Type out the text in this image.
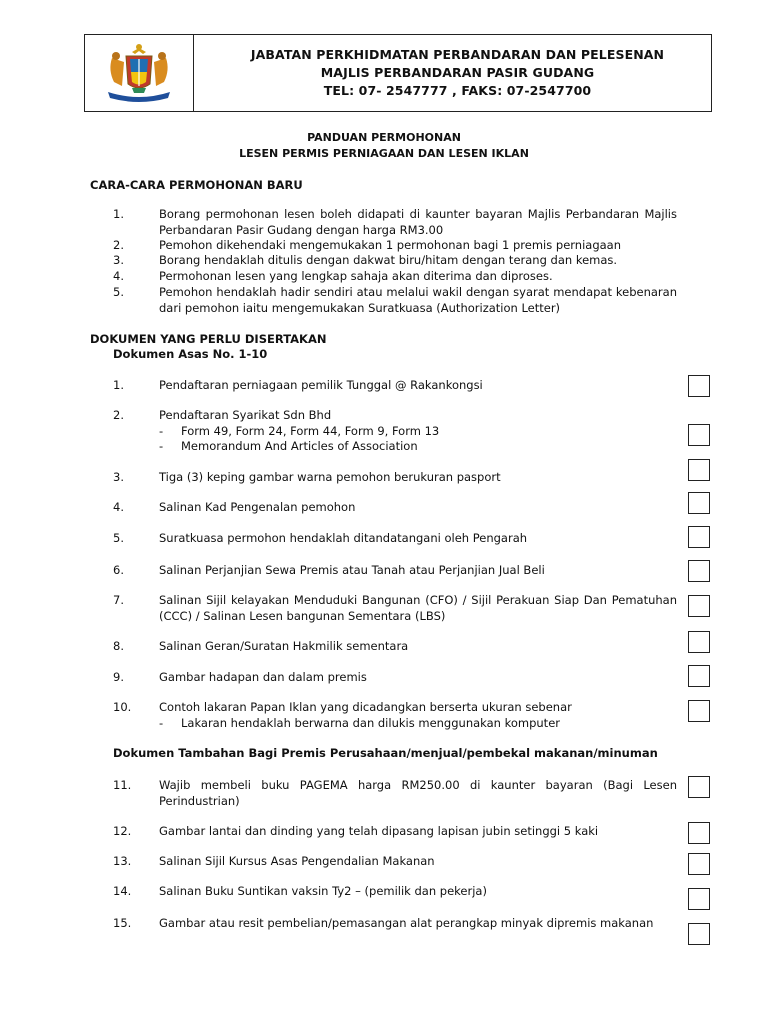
JABATAN PERKHIDMATAN PERBANDARAN DAN PELESENAN
MAJLIS PERBANDARAN PASIR GUDANG
TEL: 07- 2547777 , FAKS: 07-2547700
PANDUAN PERMOHONAN
LESEN PERMIS PERNIAGAAN DAN LESEN IKLAN
CARA-CARA PERMOHONAN BARU
1.	Borang permohonan lesen boleh didapati di kaunter bayaran Majlis Perbandaran Majlis Perbandaran Pasir Gudang dengan harga RM3.00
2.	Pemohon dikehendaki mengemukakan 1 permohonan bagi 1 premis perniagaan
3.	Borang hendaklah ditulis dengan dakwat biru/hitam dengan terang dan kemas.
4.	Permohonan lesen yang lengkap sahaja akan diterima dan diproses.
5.	Pemohon hendaklah hadir sendiri atau melalui wakil dengan syarat mendapat kebenaran dari pemohon iaitu mengemukakan Suratkuasa (Authorization Letter)
DOKUMEN YANG PERLU DISERTAKAN
Dokumen Asas No. 1-10
1.	Pendaftaran perniagaan pemilik Tunggal @ Rakankongsi
2.	Pendaftaran Syarikat Sdn Bhd
- Form 49, Form 24, Form 44, Form 9, Form 13
- Memorandum And Articles of Association
3.	Tiga (3) keping gambar warna pemohon berukuran pasport
4.	Salinan Kad Pengenalan pemohon
5.	Suratkuasa permohon hendaklah ditandatangani oleh Pengarah
6.	Salinan Perjanjian Sewa Premis atau Tanah atau Perjanjian Jual Beli
7.	Salinan Sijil kelayakan Menduduki Bangunan (CFO) / Sijil Perakuan Siap Dan Pematuhan (CCC) / Salinan Lesen bangunan Sementara (LBS)
8.	Salinan Geran/Suratan Hakmilik sementara
9.	Gambar hadapan dan dalam premis
10. Contoh lakaran Papan Iklan yang dicadangkan berserta ukuran sebenar
- Lakaran hendaklah berwarna dan dilukis menggunakan komputer
Dokumen Tambahan Bagi Premis Perusahaan/menjual/pembekal makanan/minuman
11. Wajib membeli buku PAGEMA harga RM250.00 di kaunter bayaran (Bagi Lesen Perindustrian)
12. Gambar lantai dan dinding yang telah dipasang lapisan jubin setinggi 5 kaki
13. Salinan Sijil Kursus Asas Pengendalian Makanan
14. Salinan Buku Suntikan vaksin Ty2 – (pemilik dan pekerja)
15. Gambar atau resit pembelian/pemasangan alat perangkap minyak dipremis makanan
